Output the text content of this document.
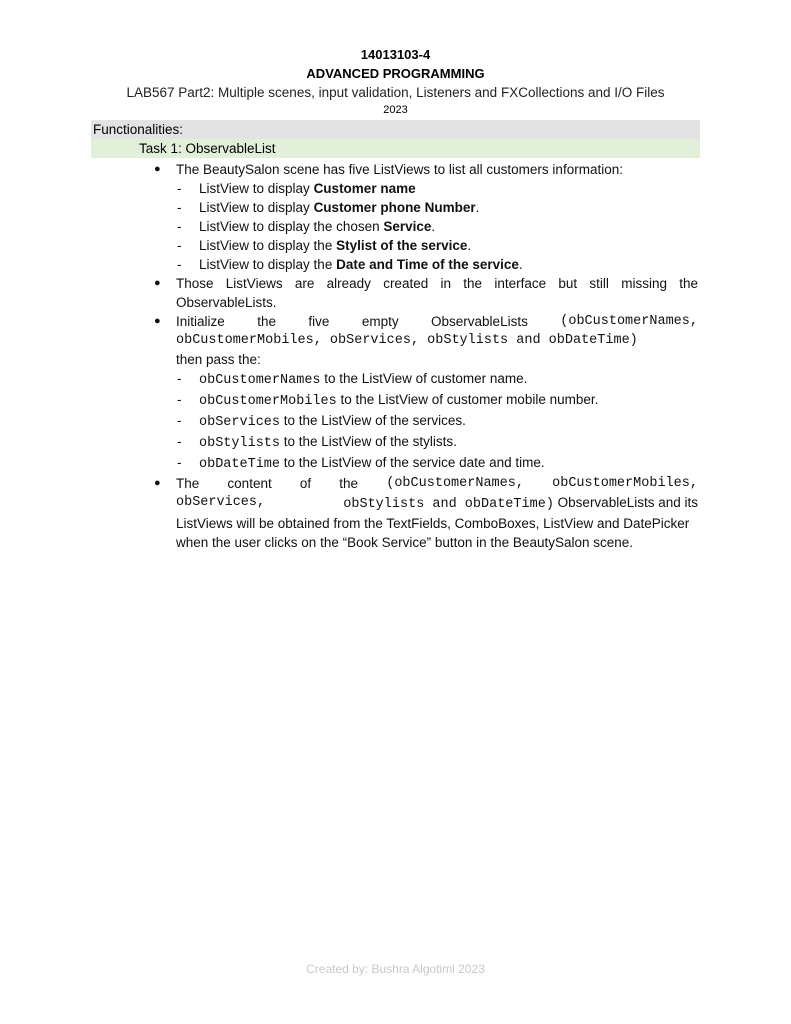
14013103-4
ADVANCED PROGRAMMING
LAB567 Part2: Multiple scenes, input validation, Listeners and FXCollections and I/O Files
2023
Functionalities:
Task 1: ObservableList
● The BeautySalon scene has five ListViews to list all customers information:
- ListView to display Customer name
- ListView to display Customer phone Number.
- ListView to display the chosen Service.
- ListView to display the Stylist of the service.
- ListView to display the Date and Time of the service.
● Those ListViews are already created in the interface but still missing the ObservableLists.
● Initialize the five empty ObservableLists (obCustomerNames,
obCustomerMobiles, obServices, obStylists and obDateTime)
then pass the:
- obCustomerNames to the ListView of customer name.
- obCustomerMobiles to the ListView of customer mobile number.
- obServices to the ListView of the services.
- obStylists to the ListView of the stylists.
- obDateTime to the ListView of the service date and time.
● The content of the (obCustomerNames, obCustomerMobiles,
obServices,	obStylists and obDateTime) ObservableLists and its
ListViews will be obtained from the TextFields, ComboBoxes, ListView and DatePicker
when the user clicks on the “Book Service” button in the BeautySalon scene.
Created by: Bushra Algotiml 2023
